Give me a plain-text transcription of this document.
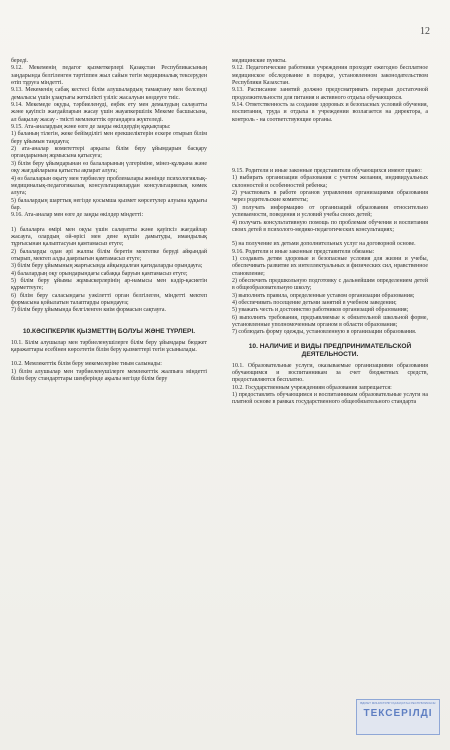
12

береді.

9.12. Мекеменің педагог қызметкерлері Қазақстан Республикасының заңдарында белгіленген тәртіппен жыл сайын тегін медициналық тексеруден өтіп тұруға міндетті.

9.13. Мекеменің сабақ кестесі білім алушылардың тамақтану мен белсенді демалысы үшін ұзақтығы жеткілікті үзіліс жасалуын көздеуге тиіс.

9.14. Мекемеде оқуды, тәрбиеленуді, еңбек ету мен демалудың салауатты және қауіпсіз жағдайларын жасау үшін жауапкершілік Мекеме басшысына, ал бақылау жасау - тиісті мемлекеттік органдарға жүктеледі.

9.15. Ата-аналардың және өзге де заңды өкілдердің құқықтары:

1) баланың тілегін, жеке бейімділігі мен ерекшеліктерін ескере отырып білім беру ұйымын таңдауға;

2) ата-аналар комитеттері арқылы білім беру ұйымдарын басқару органдарының жұмысына қатысуға;

3) білім беру ұйымдарынан өз балаларының үлгеріміне, мінез-құлқына және оқу жағдайларына қатысты ақпарат алуға;

4) өз балаларын оқыту мен тәрбиелеу проблемалары жөнінде психологиялық-медициналық-педагогикалық консультациялардан консультациялық көмек алуға;

5) балалардың шарттық негізде қосымша қызмет көрсетулер алуына құқығы бар.

9.16. Ата-аналар мен өзге де заңды өкілдер міндетті:

1) балаларға өмірі мен оқуы үшін салауатты және қауіпсіз жағдайлар жасауға, олардың ой-өрісі мен дене күшін дамытуды, имандылық тұрғысынан қалыптасуын қамтамасыз етуге;

2) балаларды одан әрі жалпы білім беретін мектепке беруді айқындай отырып, мектеп алды даярлығын қамтамасыз етуге;

3) білім беру ұйымының жарғысында айқындалған қағидаларды орындауға;

4) балалардың оқу орындарындағы сабаққа баруын қамтамасыз етуге;

5) білім беру ұйымы жұмыскерлерінің ар-намысы мен кәдір-қасиетін құрметтеуге;

6) білім беру саласындағы уәкілетті орган белгілеген, міндетті мектеп формасына қойылатын талаптарды орындауға;

7) білім беру ұйымында белгіленген киім формасын сақтауға.

10.КӘСІПКЕРЛІК ҚЫЗМЕТТІҢ БОЛУЫ ЖӘНЕ ТҮРЛЕРІ.

10.1. Білім алушылар мен тәрбиеленушілерге білім беру ұйымдары бюджет қаражаттары есебінен көрсететін білім беру қызметтері тегін ұсынылады.

10.2. Мемлекеттік білім беру мекемелеріне тиым салынады:

1) білім алушылар мен тәрбиеленушілерге мемлекеттік жалпыға міндетті білім беру стандарттары шеңберінде ақылы негізде білім беру

медицинские пункты.

9.12. Педагогические работники учреждения проходят ежегодно бесплатное медицинское обследование в порядке, установленном законодательством Республики Казахстан.

9.13. Расписание занятий должно предусматривать перерыв достаточной продолжительности для питания и активного отдыха обучающихся.

9.14. Ответственность за создание здоровых и безопасных условий обучения, воспитания, труда и отдыха в учреждении возлагается на директора, а контроль - на соответствующие органы.

9.15. Родители и иные законные представители обучающихся имеют право:

1) выбирать организации образования с учетом желания, индивидуальных склонностей и особенностей ребенка;

2) участвовать в работе органов управления организациями образования через родительские комитеты;

3) получать информацию от организаций образования относительно успеваемости, поведения и условий учебы своих детей;

4) получать консультативную помощь по проблемам обучения и воспитания своих детей в психолого-медико-педагогических консультациях;

5) на получение их детьми дополнительных услуг на договорной основе.

9.16. Родители и иные законные представители обязаны:

1) создавать детям здоровые и безопасные условия для жизни и учебы, обеспечивать развитие их интеллектуальных и физических сил, нравственное становление;

2) обеспечить предшкольную подготовку с дальнейшим определением детей в общеобразовательную школу;

3) выполнять правила, определенные уставом организации образования;

4) обеспечивать посещение детьми занятий в учебном заведении;

5) уважать честь и достоинство работников организаций образования;

6) выполнять требования, предъявляемые к обязательной школьной форме, установленные уполномоченным органом в области образования;

7) соблюдать форму одежды, установленную в организации образования.

10. НАЛИЧИЕ И ВИДЫ ПРЕДПРИНИМАТЕЛЬСКОЙ ДЕЯТЕЛЬНОСТИ.

10.1. Образовательные услуги, оказываемые организациями образования обучающимся и воспитанникам за счет бюджетных средств, предоставляются бесплатно.

10.2. Государственным учреждениям образования запрещается:

1) предоставлять обучающимся и воспитанникам образовательные услуги на платной основе в рамках государственного общеобязательного стандарта

ӘДІЛЕТ МИНИСТРЛІГІ ҚАЗАҚСТАН РЕСПУБЛИКАСЫ
ТЕКСЕРІЛДІ
